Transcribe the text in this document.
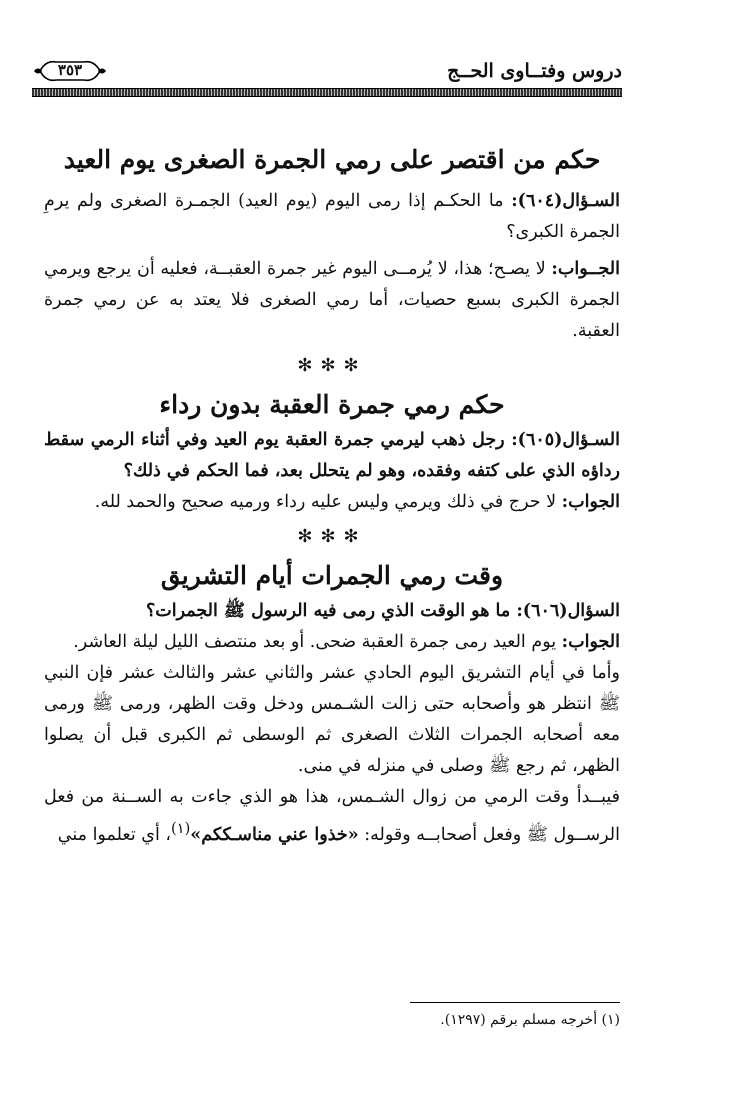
دروس وفتــاوى الحــج
٣٥٣
حكم من اقتصر على رمي الجمرة الصغرى يوم العيد

السـؤال(٦٠٤): ما الحكـم إذا رمى اليوم (يوم العيد) الجمـرة الصغرى ولم يرمِ الجمرة الكبرى؟

الجــواب: لا يصـح؛ هذا، لا يُرمــى اليوم غير جمرة العقبــة، فعليه أن يرجع ويرمي الجمرة الكبرى بسبع حصيات، أما رمي الصغرى فلا يعتد به عن رمي جمرة العقبة.

✻✻✻
حكم رمي جمرة العقبة بدون رداء

السـؤال(٦٠٥): رجل ذهب ليرمي جمرة العقبة يوم العيد وفي أثناء الرمي سقط رداؤه الذي على كتفه وفقده، وهو لم يتحلل بعد، فما الحكم في ذلك؟

الجواب: لا حرج في ذلك ويرمي وليس عليه رداء ورميه صحيح والحمد لله.

✻✻✻
وقت رمي الجمرات أيام التشريق

السؤال(٦٠٦): ما هو الوقت الذي رمى فيه الرسول ﷺ الجمرات؟

الجواب: يوم العيد رمى جمرة العقبة ضحى. أو بعد منتصف الليل ليلة العاشر.

وأما في أيام التشريق اليوم الحادي عشر والثاني عشر والثالث عشر فإن النبي ﷺ انتظر هو وأصحابه حتى زالت الشـمس ودخل وقت الظهر، ورمى ﷺ ورمى معه أصحابه الجمرات الثلاث الصغرى ثم الوسطى ثم الكبرى قبل أن يصلوا الظهر، ثم رجع ﷺ وصلى في منزله في منى.

فيبــدأ وقت الرمي من زوال الشـمس، هذا هو الذي جاءت به الســنة من فعل الرســول ﷺ وفعل أصحابــه وقوله: «خذوا عني مناسـككم»$^{(١)}$، أي تعلموا مني

(١) أخرجه مسلم برقم (١٢٩٧).
